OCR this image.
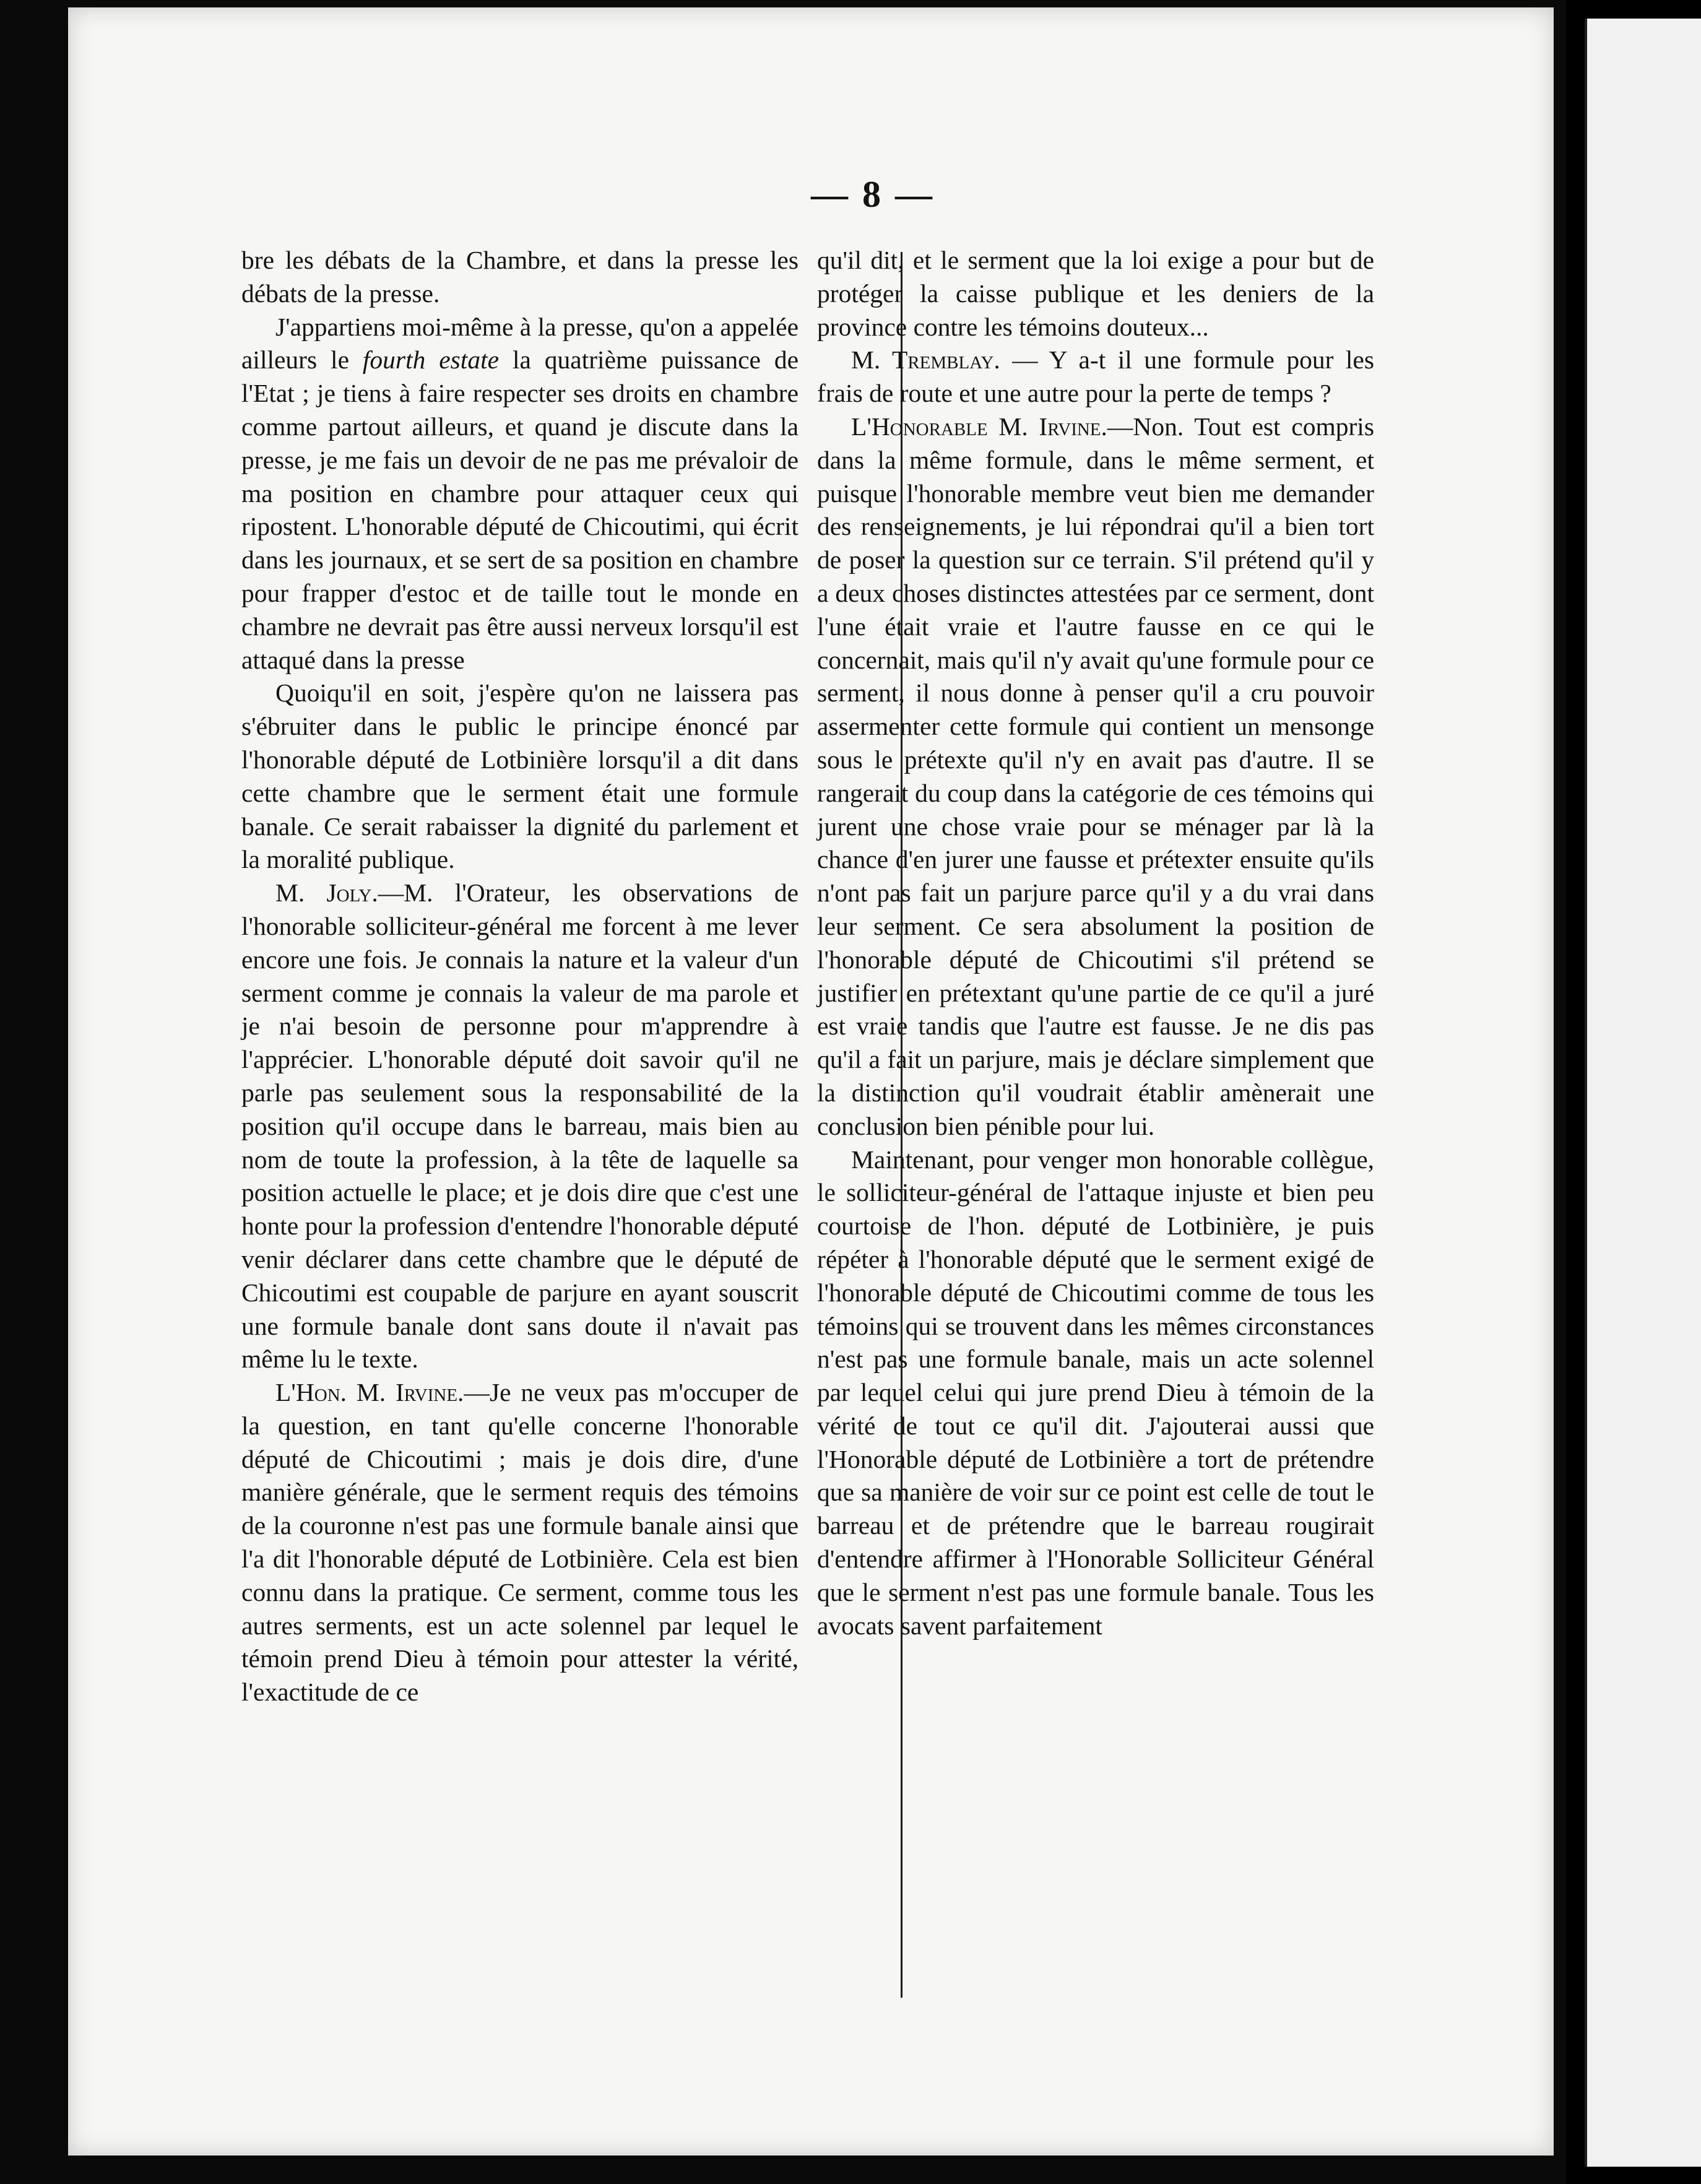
— 8 —

bre les débats de la Chambre, et dans la presse les débats de la presse.

J'appartiens moi-même à la presse, qu'on a appelée ailleurs le fourth estate la quatrième puissance de l'Etat ; je tiens à faire respecter ses droits en chambre comme partout ailleurs, et quand je discute dans la presse, je me fais un devoir de ne pas me prévaloir de ma position en chambre pour attaquer ceux qui ripostent. L'honorable député de Chicoutimi, qui écrit dans les journaux, et se sert de sa position en chambre pour frapper d'estoc et de taille tout le monde en chambre ne devrait pas être aussi nerveux lorsqu'il est attaqué dans la presse

Quoiqu'il en soit, j'espère qu'on ne laissera pas s'ébruiter dans le public le principe énoncé par l'honorable député de Lotbinière lorsqu'il a dit dans cette chambre que le serment était une formule banale. Ce serait rabaisser la dignité du parlement et la moralité publique.

M. Joly.—M. l'Orateur, les observations de l'honorable solliciteur-général me forcent à me lever encore une fois. Je connais la nature et la valeur d'un serment comme je connais la valeur de ma parole et je n'ai besoin de personne pour m'apprendre à l'apprécier. L'honorable député doit savoir qu'il ne parle pas seulement sous la responsabilité de la position qu'il occupe dans le barreau, mais bien au nom de toute la profession, à la tête de laquelle sa position actuelle le place; et je dois dire que c'est une honte pour la profession d'entendre l'honorable député venir déclarer dans cette chambre que le député de Chicoutimi est coupable de parjure en ayant souscrit une formule banale dont sans doute il n'avait pas même lu le texte.

L'Hon. M. Irvine.—Je ne veux pas m'occuper de la question, en tant qu'elle concerne l'honorable député de Chicoutimi ; mais je dois dire, d'une manière générale, que le serment requis des témoins de la couronne n'est pas une formule banale ainsi que l'a dit l'honorable député de Lotbinière. Cela est bien connu dans la pratique. Ce serment, comme tous les autres serments, est un acte solennel par lequel le témoin prend Dieu à témoin pour attester la vérité, l'exactitude de ce

qu'il dit, et le serment que la loi exige a pour but de protéger la caisse publique et les deniers de la province contre les témoins douteux...

M. Tremblay. — Y a-t il une formule pour les frais de route et une autre pour la perte de temps ?

L'Honorable M. Irvine.—Non. Tout est compris dans la même formule, dans le même serment, et puisque l'honorable membre veut bien me demander des renseignements, je lui répondrai qu'il a bien tort de poser la question sur ce terrain. S'il prétend qu'il y a deux choses distinctes attestées par ce serment, dont l'une était vraie et l'autre fausse en ce qui le concernait, mais qu'il n'y avait qu'une formule pour ce serment, il nous donne à penser qu'il a cru pouvoir assermenter cette formule qui contient un mensonge sous le prétexte qu'il n'y en avait pas d'autre. Il se rangerait du coup dans la catégorie de ces témoins qui jurent une chose vraie pour se ménager par là la chance d'en jurer une fausse et prétexter ensuite qu'ils n'ont pas fait un parjure parce qu'il y a du vrai dans leur serment. Ce sera absolument la position de l'honorable député de Chicoutimi s'il prétend se justifier en prétextant qu'une partie de ce qu'il a juré est vraie tandis que l'autre est fausse. Je ne dis pas qu'il a fait un parjure, mais je déclare simplement que la distinction qu'il voudrait établir amènerait une conclusion bien pénible pour lui.

Maintenant, pour venger mon honorable collègue, le solliciteur-général de l'attaque injuste et bien peu courtoise de l'hon. député de Lotbinière, je puis répéter à l'honorable député que le serment exigé de l'honorable député de Chicoutimi comme de tous les témoins qui se trouvent dans les mêmes circonstances n'est pas une formule banale, mais un acte solennel par lequel celui qui jure prend Dieu à témoin de la vérité de tout ce qu'il dit. J'ajouterai aussi que l'Honorable député de Lotbinière a tort de prétendre que sa manière de voir sur ce point est celle de tout le barreau et de prétendre que le barreau rougirait d'entendre affirmer à l'Honorable Solliciteur Général que le serment n'est pas une formule banale. Tous les avocats savent parfaitement
